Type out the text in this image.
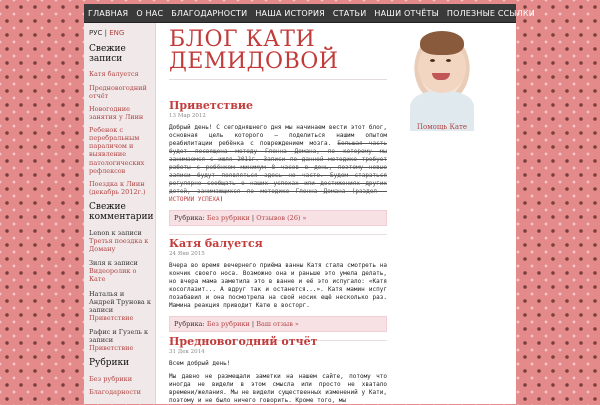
ГЛАВНАЯ О НАС БЛАГОДАРНОСТИ НАША ИСТОРИЯ СТАТЬИ НАШИ ОТЧЁТЫ ПОЛЕЗНЫЕ ССЫЛКИ
РУС | ENG
Свежие записи
Катя балуется
Предновогодний отчёт
Новогодние занятия у Лиин
Ребенок с перебральным параличом и выявление патологических рефлексов
Поездка к Лиин (декабрь 2012г.)
Свежие комментарии
Lenon к записи Третья поездка к Доману
Зиля к записи Видеоролик о Кате
Наталья и Андрей Трунова к записи Приветствие
Рафис и Гузель к записи Приветствие
Рубрики
Без рубрики
Благодарности
БЛОГ КАТИ ДЕМИДОВОЙ
Помощь Кате
Приветствие
13 Мар 2012
Добрый день! С сегодняшнего дня мы начинаем вести этот блог, основная цель которого — поделиться нашим опытом реабилитации ребёнка с повреждением мозга. Большая часть будет посвящена методу Гленна Домана, по которому мы занимаемся с июля 2011г. Записи по данной методике требует работы с ребёнком минимум 8 часов в день, поэтому новые записи будут появляться здесь не часто. Будем стараться регулярно сообщать о наших успехах или достижениях других детей, занимающихся по методике Гленна Домана (раздел - ИСТОРИИ УСПЕХА)
Рубрика: Без рубрики | Отзывов (26) »
Катя балуется
24 Янв 2015
Вчера во время вечернего приёма ванны Катя стала смотреть на кончик своего носа. Возможно она и раньше это умела делать, но вчера мама заметила это в ванне и её это испугало: «Катя косоглазит... А вдруг так и останется...». Катя мамин испуг позабавил и она посмотрела на свой носик ещё несколько раз. Мамина реакция приводит Катю в восторг.
Рубрика: Без рубрики | Ваш отзыв »
Предновогодний отчёт
31 Дек 2014
Всем добрый день!
Мы давно не размещали заметки на нашем сайте, потому что иногда не видели в этом смысла или просто не хватало времени/желания. Мы не видели существенных изменений у Кати, поэтому и не было ничего говорить. Кроме того, мы
